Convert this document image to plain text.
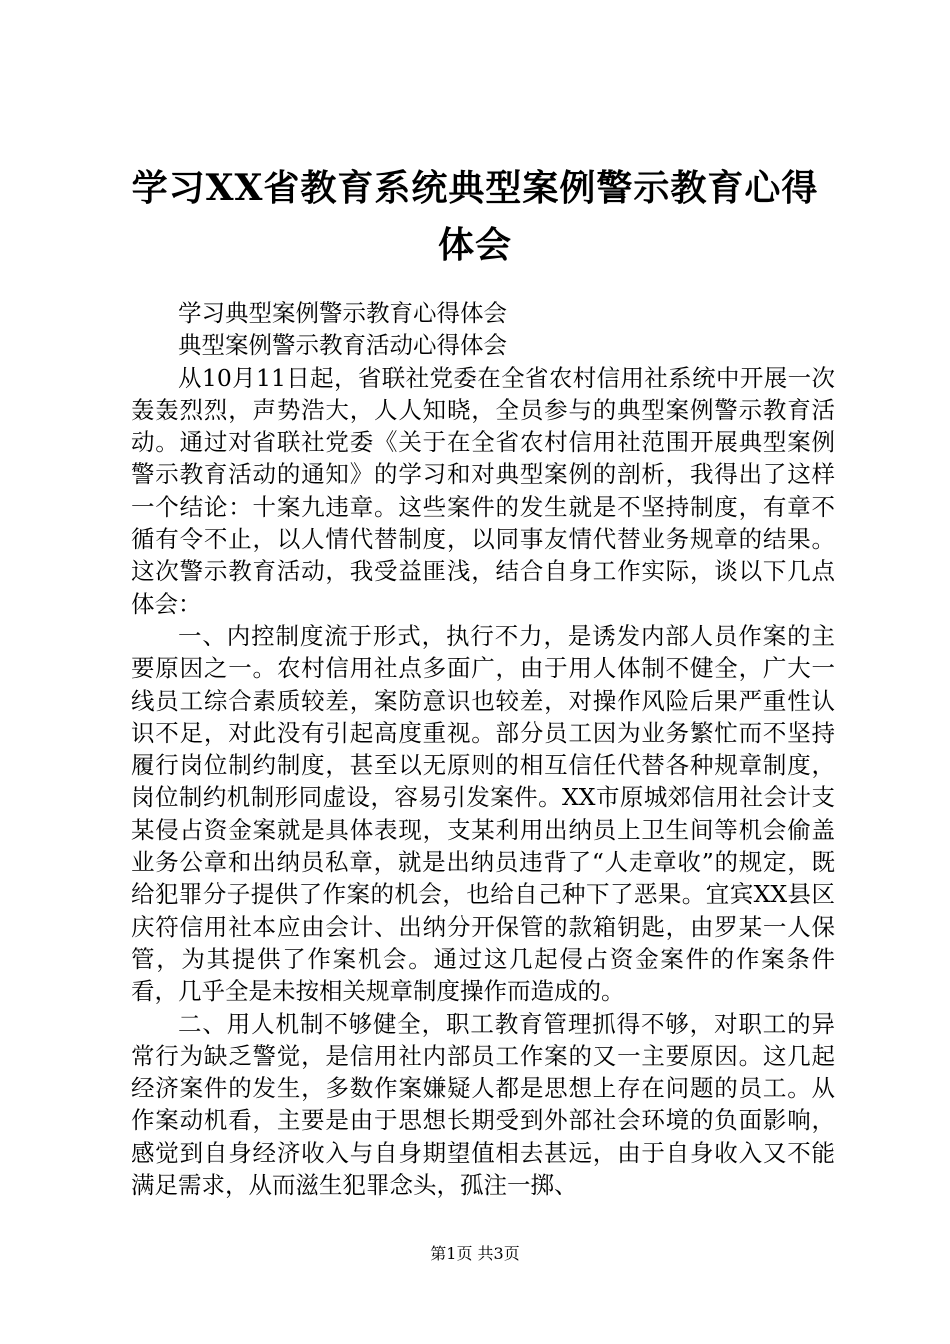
学习XX省教育系统典型案例警示教育心得体会

学习典型案例警示教育心得体会

典型案例警示教育活动心得体会

从10月11日起，省联社党委在全省农村信用社系统中开展一次轰轰烈烈，声势浩大，人人知晓，全员参与的典型案例警示教育活动。通过对省联社党委《关于在全省农村信用社范围开展典型案例警示教育活动的通知》的学习和对典型案例的剖析，我得出了这样一个结论：十案九违章。这些案件的发生就是不坚持制度，有章不循有令不止，以人情代替制度，以同事友情代替业务规章的结果。这次警示教育活动，我受益匪浅，结合自身工作实际，谈以下几点体会：

一、内控制度流于形式，执行不力，是诱发内部人员作案的主要原因之一。农村信用社点多面广，由于用人体制不健全，广大一线员工综合素质较差，案防意识也较差，对操作风险后果严重性认识不足，对此没有引起高度重视。部分员工因为业务繁忙而不坚持履行岗位制约制度，甚至以无原则的相互信任代替各种规章制度，岗位制约机制形同虚设，容易引发案件。XX市原城郊信用社会计支某侵占资金案就是具体表现，支某利用出纳员上卫生间等机会偷盖业务公章和出纳员私章，就是出纳员违背了“人走章收”的规定，既给犯罪分子提供了作案的机会，也给自己种下了恶果。宜宾XX县区庆符信用社本应由会计、出纳分开保管的款箱钥匙，由罗某一人保管，为其提供了作案机会。通过这几起侵占资金案件的作案条件看，几乎全是未按相关规章制度操作而造成的。

二、用人机制不够健全，职工教育管理抓得不够，对职工的异常行为缺乏警觉，是信用社内部员工作案的又一主要原因。这几起经济案件的发生，多数作案嫌疑人都是思想上存在问题的员工。从作案动机看，主要是由于思想长期受到外部社会环境的负面影响，感觉到自身经济收入与自身期望值相去甚远，由于自身收入又不能满足需求，从而滋生犯罪念头，孤注一掷、

第1页 共3页
